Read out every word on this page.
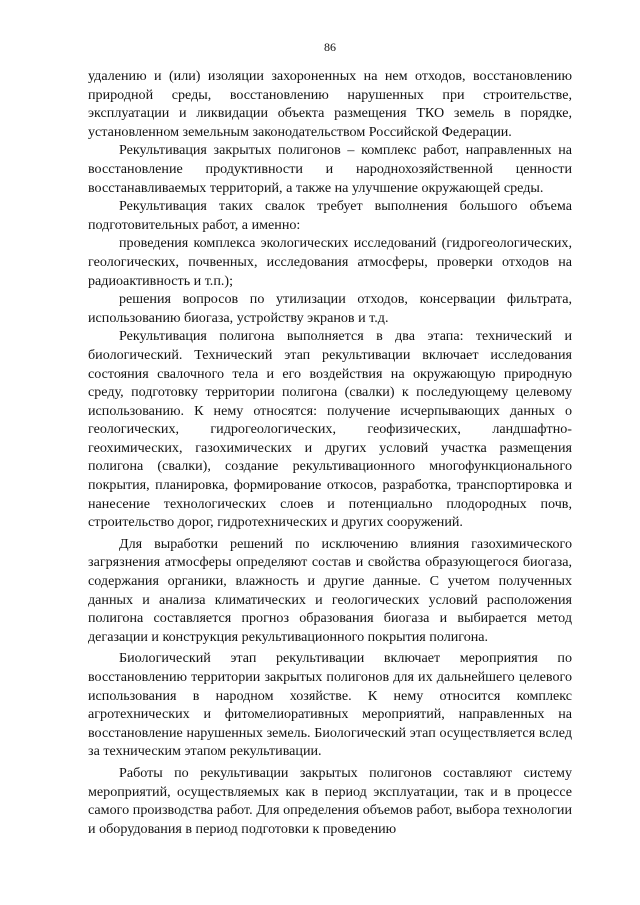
86

удалению и (или) изоляции захороненных на нем отходов, восстановлению природной среды, восстановлению нарушенных при строительстве, эксплуатации и ликвидации объекта размещения ТКО земель в порядке, установленном земельным законодательством Российской Федерации.

Рекультивация закрытых полигонов – комплекс работ, направленных на восстановление продуктивности и народнохозяйственной ценности восстанавливаемых территорий, а также на улучшение окружающей среды.

Рекультивация таких свалок требует выполнения большого объема подготовительных работ, а именно:

проведения комплекса экологических исследований (гидрогеологических, геологических, почвенных, исследования атмосферы, проверки отходов на радиоактивность и т.п.);

решения вопросов по утилизации отходов, консервации фильтрата, использованию биогаза, устройству экранов и т.д.

Рекультивация полигона выполняется в два этапа: технический и биологический. Технический этап рекультивации включает исследования состояния свалочного тела и его воздействия на окружающую природную среду, подготовку территории полигона (свалки) к последующему целевому использованию. К нему относятся: получение исчерпывающих данных о геологических, гидрогеологических, геофизических, ландшафтно-геохимических, газохимических и других условий участка размещения полигона (свалки), создание рекультивационного многофункционального покрытия, планировка, формирование откосов, разработка, транспортировка и нанесение технологических слоев и потенциально плодородных почв, строительство дорог, гидротехнических и других сооружений.

Для выработки решений по исключению влияния газохимического загрязнения атмосферы определяют состав и свойства образующегося биогаза, содержания органики, влажность и другие данные. С учетом полученных данных и анализа климатических и геологических условий расположения полигона составляется прогноз образования биогаза и выбирается метод дегазации и конструкция рекультивационного покрытия полигона.

Биологический этап рекультивации включает мероприятия по восстановлению территории закрытых полигонов для их дальнейшего целевого использования в народном хозяйстве. К нему относится комплекс агротехнических и фитомелиоративных мероприятий, направленных на восстановление нарушенных земель. Биологический этап осуществляется вслед за техническим этапом рекультивации.

Работы по рекультивации закрытых полигонов составляют систему мероприятий, осуществляемых как в период эксплуатации, так и в процессе самого производства работ. Для определения объемов работ, выбора технологии и оборудования в период подготовки к проведению
